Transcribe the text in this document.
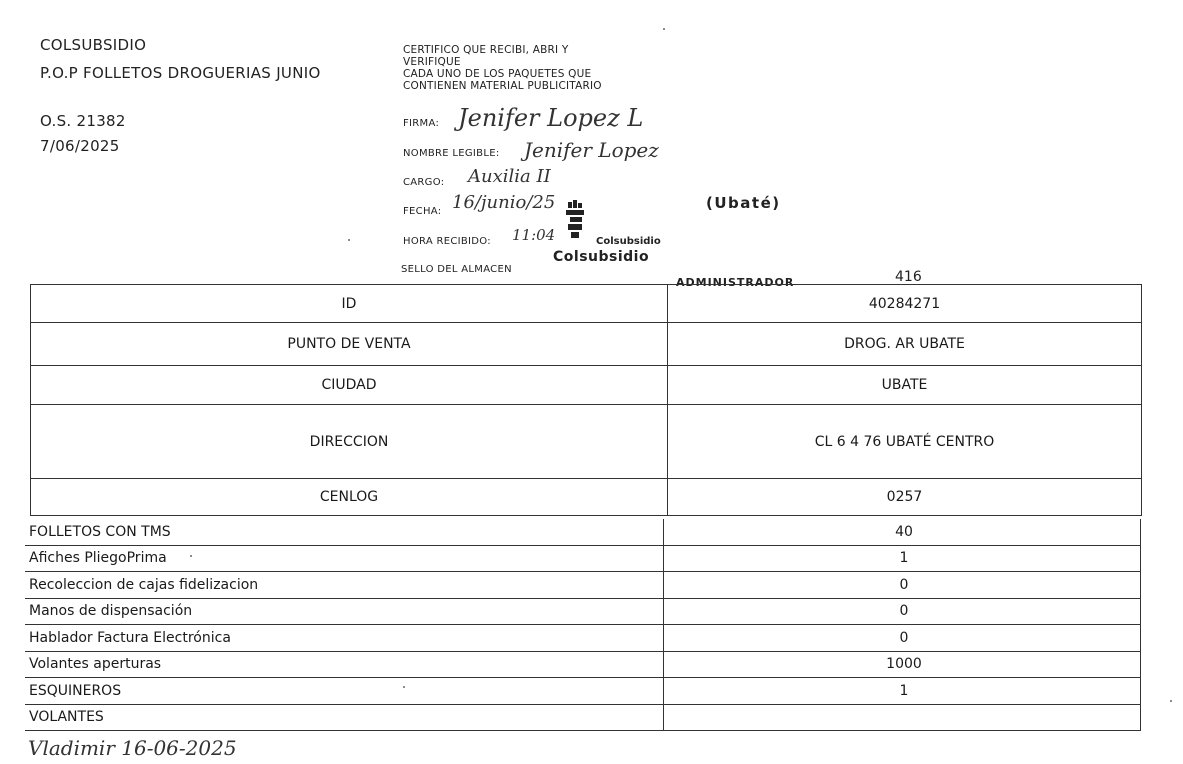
COLSUBSIDIO
P.O.P FOLLETOS DROGUERIAS JUNIO
O.S. 21382
7/06/2025
CERTIFICO QUE RECIBI, ABRI Y
VERIFIQUE
CADA UNO DE LOS PAQUETES QUE
CONTIENEN MATERIAL PUBLICITARIO
FIRMA: Jenifer Lopez L
NOMBRE LEGIBLE: Jenifer Lopez
CARGO: Auxilia II
FECHA: 16/junio/25
HORA RECIBIDO: 11:04
SELLO DEL ALMACEN
Colsubsidio
Colsubsidio
ADMINISTRADOR
(Ubaté)
416
ID	40284271
PUNTO DE VENTA	DROG. AR UBATE
CIUDAD	UBATE
DIRECCION	CL 6 4 76 UBATÉ CENTRO
CENLOG	0257
FOLLETOS CON TMS	40
Afiches PliegoPrima	1
Recoleccion de cajas fidelizacion	0
Manos de dispensación	0
Hablador Factura Electrónica	0
Volantes aperturas	1000
ESQUINEROS	1
VOLANTES	
Vladimir 16-06-2025
